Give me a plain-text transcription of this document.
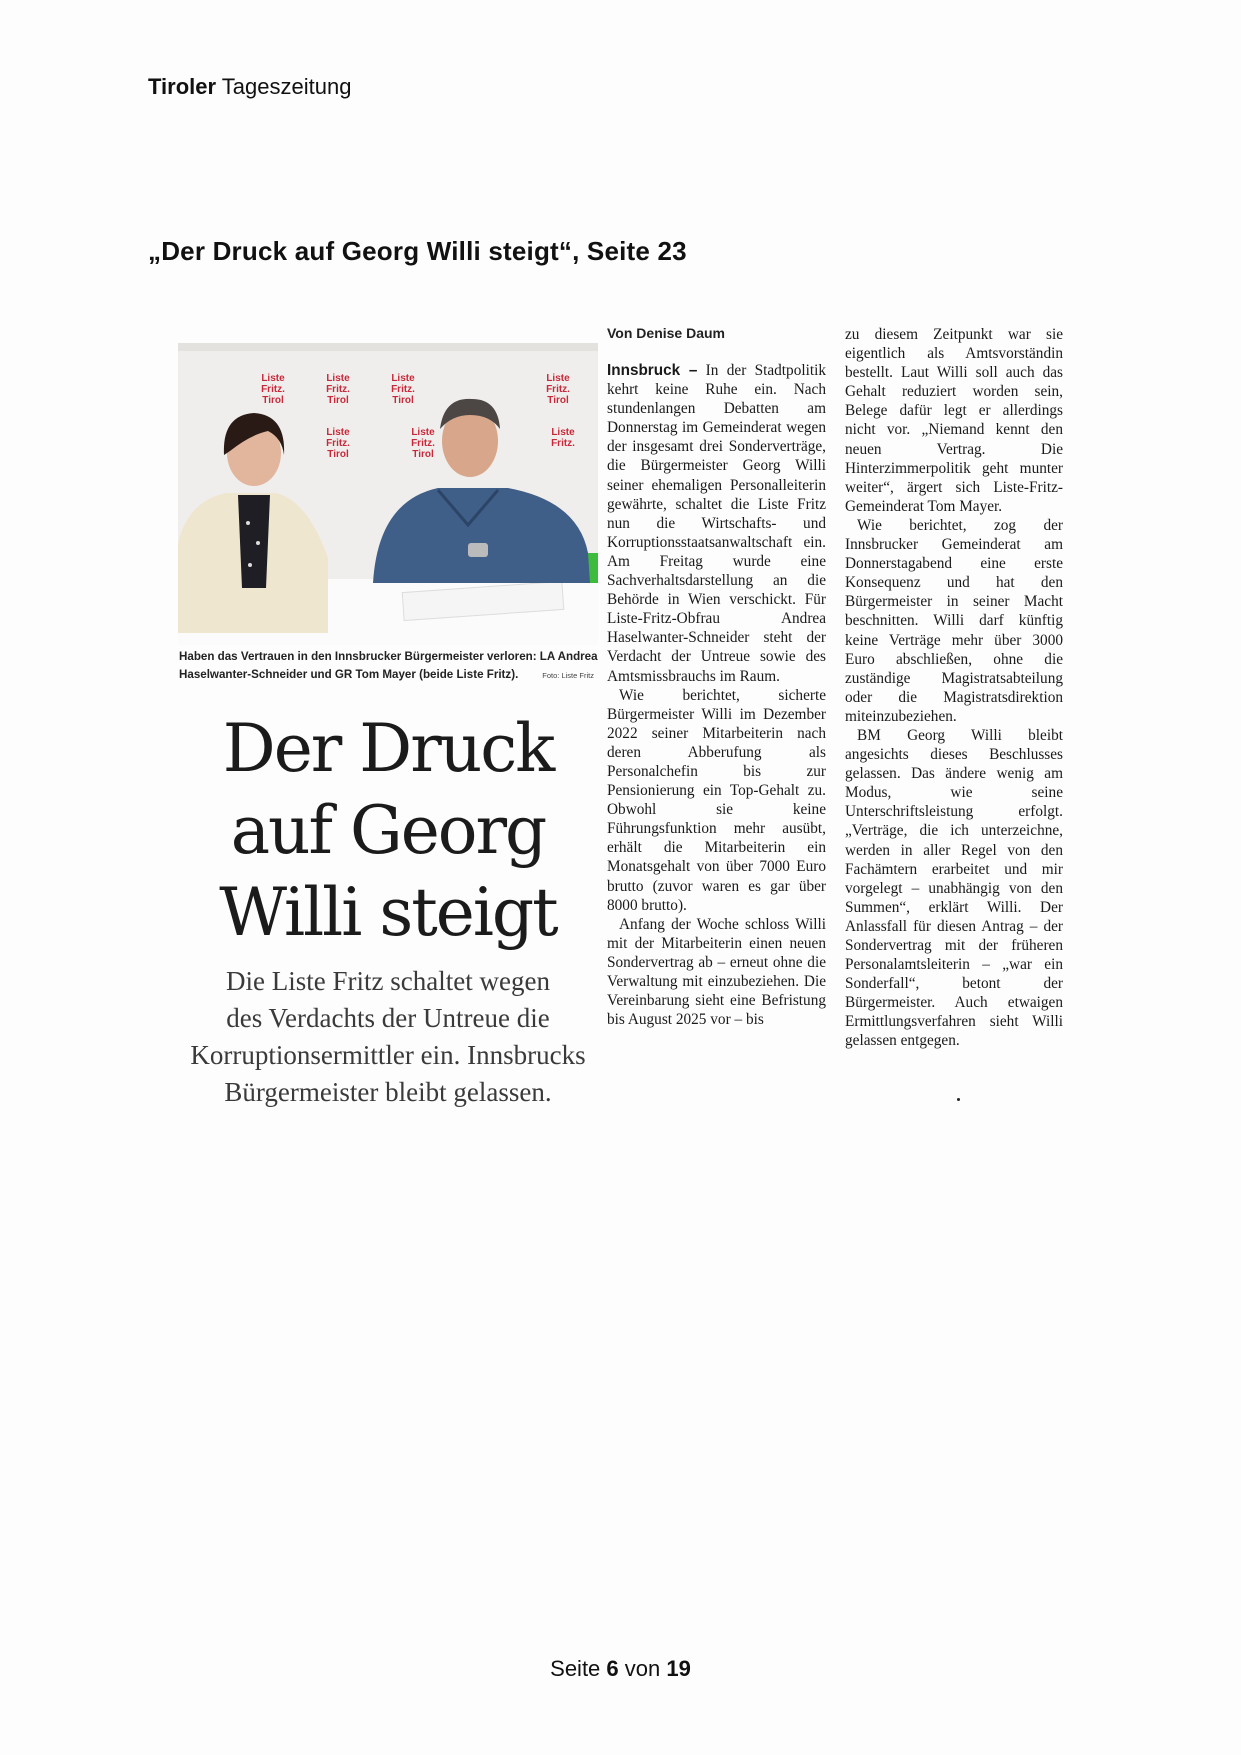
Tiroler Tageszeitung
„Der Druck auf Georg Willi steigt“, Seite 23
Liste
Fritz.
Tirol
Liste
Fritz.
Tirol
Liste
Fritz.
Tirol
Liste
Fritz.
Tirol
Liste
Fritz.
Tirol
Liste
Fritz.
Tirol
Liste
Fritz.
Haben das Vertrauen in den Innsbrucker Bürgermeister verloren: LA Andrea Haselwanter-Schneider und GR Tom Mayer (beide Liste Fritz).	Foto: Liste Fritz
Der Druck
auf Georg
Willi steigt
Die Liste Fritz schaltet wegen
des Verdachts der Untreue die
Korruptionsermittler ein. Innsbrucks
Bürgermeister bleibt gelassen.
Von Denise Daum

Innsbruck – In der Stadtpolitik kehrt keine Ruhe ein. Nach stundenlangen Debatten am Donnerstag im Gemeinderat wegen der insgesamt drei Sonderverträge, die Bürgermeister Georg Willi seiner ehemaligen Personalleiterin gewährte, schaltet die Liste Fritz nun die Wirtschafts- und Korruptionsstaatsanwaltschaft ein. Am Freitag wurde eine Sachverhaltsdarstellung an die Behörde in Wien verschickt. Für Liste-Fritz-Obfrau Andrea Haselwanter-Schneider steht der Verdacht der Untreue sowie des Amtsmissbrauchs im Raum.

Wie berichtet, sicherte Bürgermeister Willi im Dezember 2022 seiner Mitarbeiterin nach deren Abberufung als Personalchefin bis zur Pensionierung ein Top-Gehalt zu. Obwohl sie keine Führungsfunktion mehr ausübt, erhält die Mitarbeiterin ein Monatsgehalt von über 7000 Euro brutto (zuvor waren es gar über 8000 brutto).

Anfang der Woche schloss Willi mit der Mitarbeiterin einen neuen Sondervertrag ab – erneut ohne die Verwaltung mit einzubeziehen. Die Vereinbarung sieht eine Befristung bis August 2025 vor – bis

zu diesem Zeitpunkt war sie eigentlich als Amtsvorständin bestellt. Laut Willi soll auch das Gehalt reduziert worden sein, Belege dafür legt er allerdings nicht vor. „Niemand kennt den neuen Vertrag. Die Hinterzimmerpolitik geht munter weiter“, ärgert sich Liste-Fritz-Gemeinderat Tom Mayer.

Wie berichtet, zog der Innsbrucker Gemeinderat am Donnerstagabend eine erste Konsequenz und hat den Bürgermeister in seiner Macht beschnitten. Willi darf künftig keine Verträge mehr über 3000 Euro abschließen, ohne die zuständige Magistratsabteilung oder die Magistratsdirektion miteinzubeziehen.

BM Georg Willi bleibt angesichts dieses Beschlusses gelassen. Das ändere wenig am Modus, wie seine Unterschriftsleistung erfolgt. „Verträge, die ich unterzeichne, werden in aller Regel von den Fachämtern erarbeitet und mir vorgelegt – unabhängig von den Summen“, erklärt Willi. Der Anlassfall für diesen Antrag – der Sondervertrag mit der früheren Personalamtsleiterin – „war ein Sonderfall“, betont der Bürgermeister. Auch etwaigen Ermittlungsverfahren sieht Willi gelassen entgegen.

Seite 6 von 19
